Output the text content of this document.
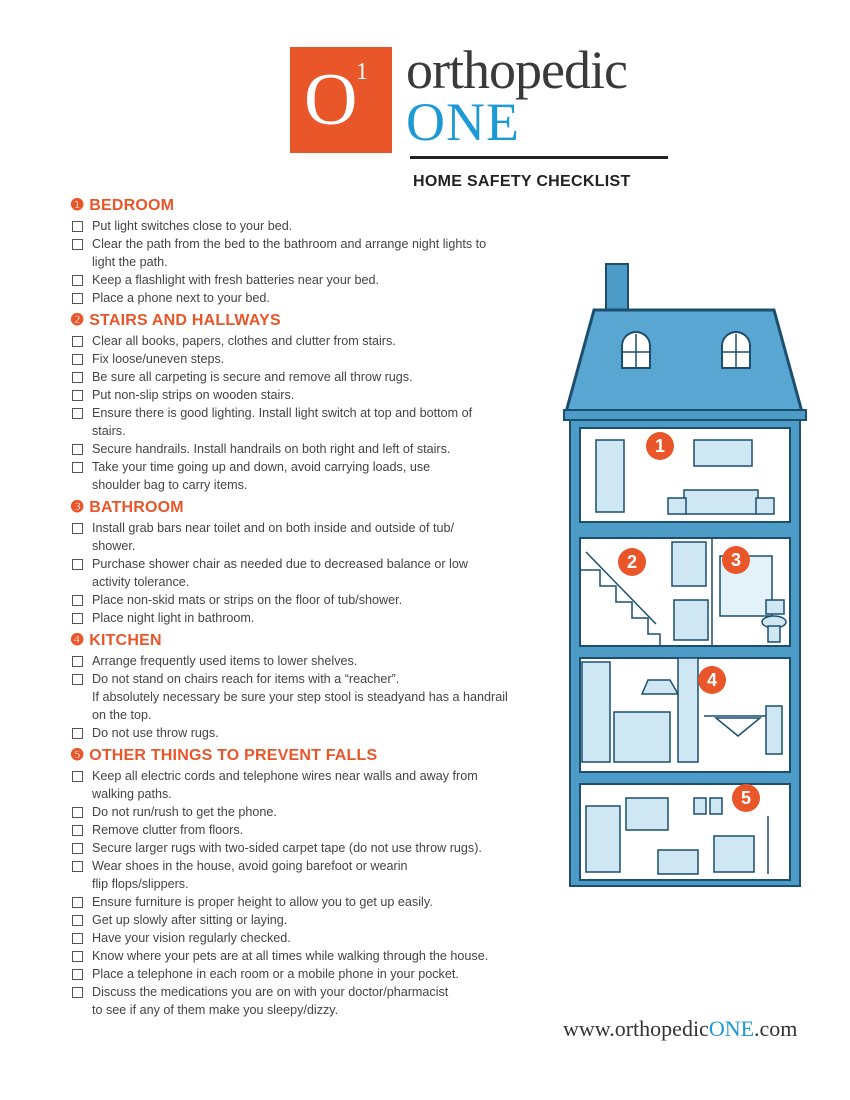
O
1 orthopedic
ONE
HOME SAFETY CHECKLIST
❶ BEDROOM
Put light switches close to your bed.
Clear the path from the bed to the bathroom and arrange night lights to
light the path.
Keep a flashlight with fresh batteries near your bed.
Place a phone next to your bed.
❷ STAIRS AND HALLWAYS
Clear all books, papers, clothes and clutter from stairs.
Fix loose/uneven steps.
Be sure all carpeting is secure and remove all throw rugs.
Put non-slip strips on wooden stairs.
Ensure there is good lighting. Install light switch at top and bottom of
stairs.
Secure handrails. Install handrails on both right and left of stairs.
Take your time going up and down, avoid carrying loads, use
shoulder bag to carry items.
❸ BATHROOM
Install grab bars near toilet and on both inside and outside of tub/
shower.
Purchase shower chair as needed due to decreased balance or low
activity tolerance.
Place non-skid mats or strips on the floor of tub/shower.
Place night light in bathroom.
❹ KITCHEN
Arrange frequently used items to lower shelves.
Do not stand on chairs reach for items with a “reacher”.
If absolutely necessary be sure your step stool is steadyand has a handrail
on the top.
Do not use throw rugs.
❺ OTHER THINGS TO PREVENT FALLS
Keep all electric cords and telephone wires near walls and away from
walking paths.
Do not run/rush to get the phone.
Remove clutter from floors.
Secure larger rugs with two-sided carpet tape (do not use throw rugs).
Wear shoes in the house, avoid going barefoot or wearin
flip flops/slippers.
Ensure furniture is proper height to allow you to get up easily.
Get up slowly after sitting or laying.
Have your vision regularly checked.
Know where your pets are at all times while walking through the house.
Place a telephone in each room or a mobile phone in your pocket.
Discuss the medications you are on with your doctor/pharmacist
to see if any of them make you sleepy/dizzy.
1
2	3
4
5
www.orthopedicONE.com
